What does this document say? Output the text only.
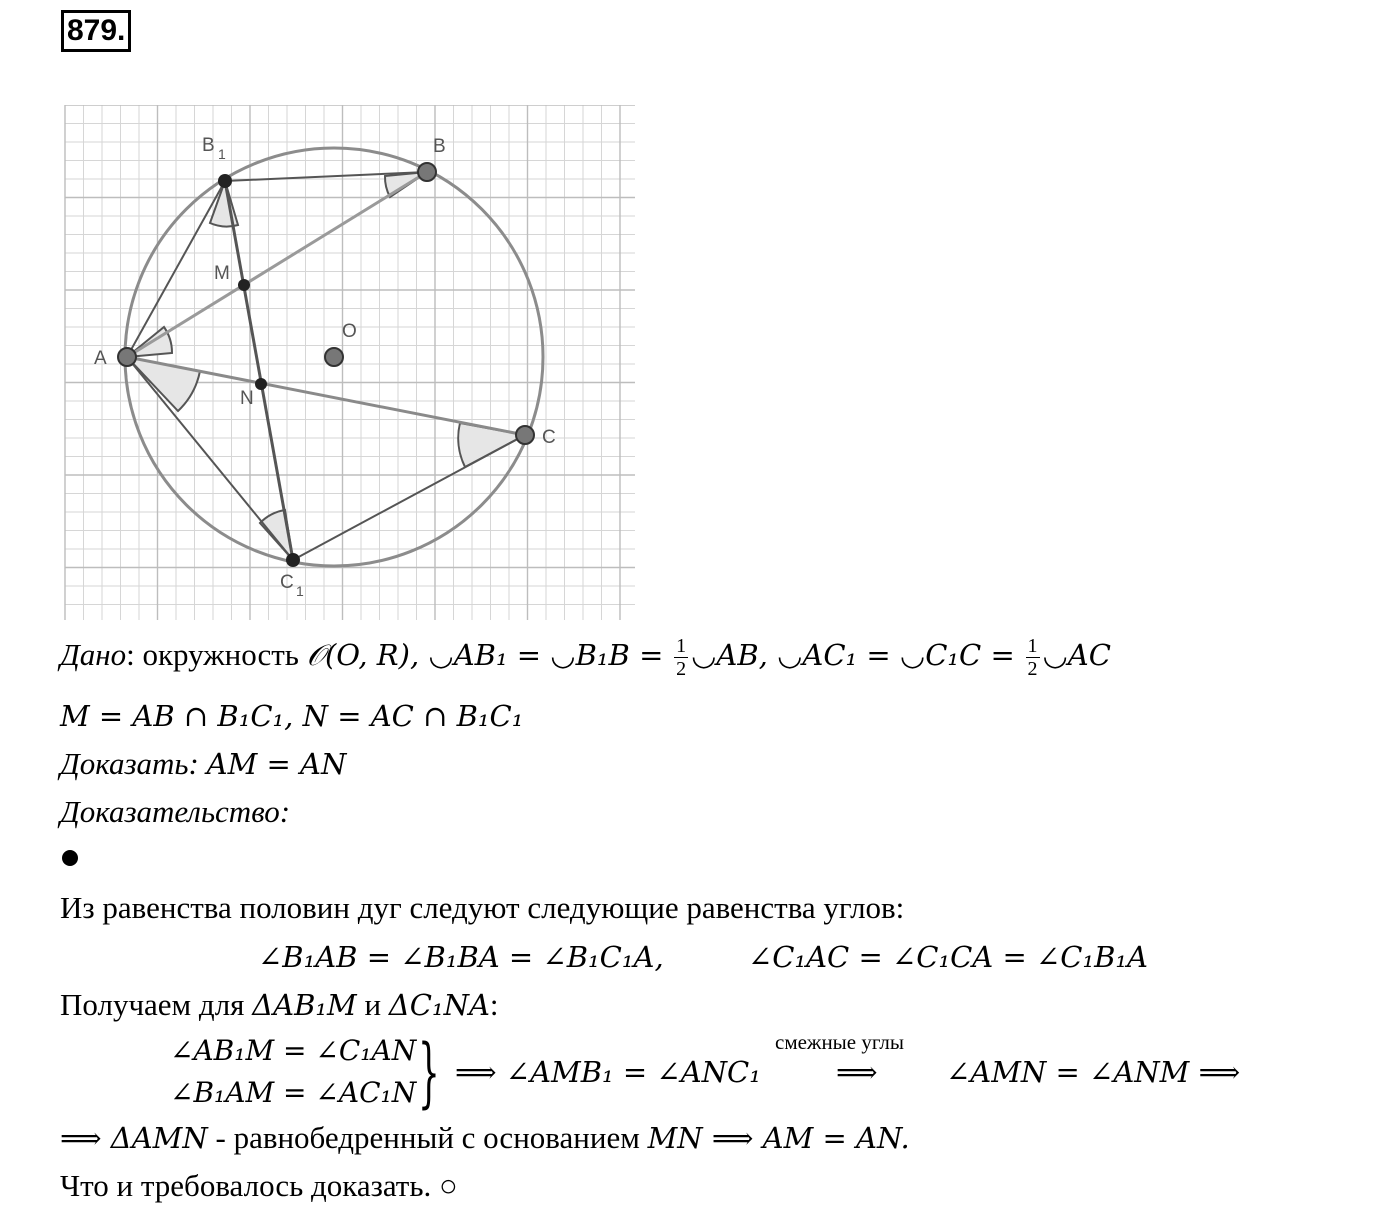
879.
A
B
C
O
M
N
B 1
C 1
Дано: окружность 𝒪(O, R), ◡AB₁ = ◡B₁B = $\frac{1}{2}$ ◡AB, ◡AC₁ = ◡C₁C = $\frac{1}{2}$ ◡AC
M = AB ∩ B₁C₁, N = AC ∩ B₁C₁
Доказать: AM = AN
Доказательство:
Из равенства половин дуг следуют следующие равенства углов:
∠B₁AB = ∠B₁BA = ∠B₁C₁A,	∠C₁AC = ∠C₁CA = ∠C₁B₁A
Получаем для ΔAB₁M и ΔC₁NA:
∠AB₁M = ∠C₁AN
∠B₁AM = ∠AC₁N } ⟹ ∠AMB₁ = ∠ANC₁
смежные углы
⟹ ∠AMN = ∠ANM ⟹
⟹ ΔAMN - равнобедренный с основанием MN ⟹ AM = AN.
Что и требовалось доказать. ○
